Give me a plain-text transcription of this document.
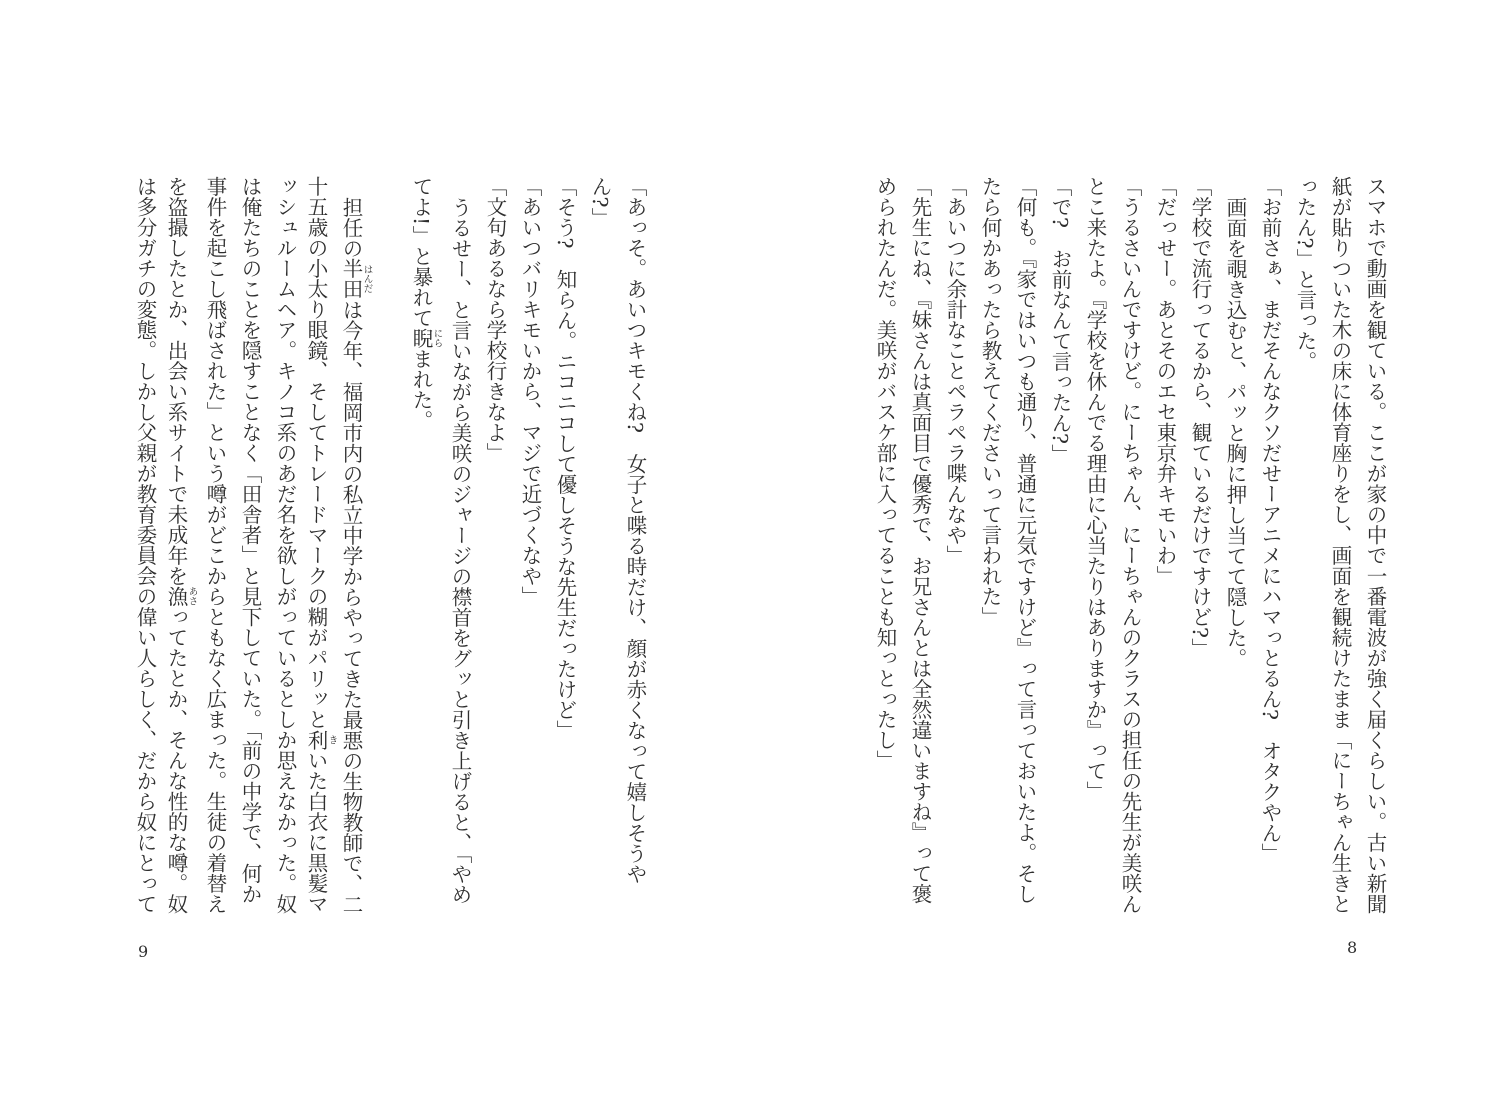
スマホで動画を観ている。ここが家の中で一番電波が強く届くらしい。古い新聞
紙が貼りついた木の床に体育座りをし、画面を観続けたまま「にーちゃん生きと
ったん?」と言った。
「お前さぁ、まだそんなクソだせーアニメにハマっとるん?　オタクやん」
画面を覗き込むと、パッと胸に押し当てて隠した。
「学校で流行ってるから、観ているだけですけど?」
「だっせー。あとそのエセ東京弁キモいわ」
「うるさいんですけど。にーちゃん、にーちゃんのクラスの担任の先生が美咲ん
とこ来たよ。『学校を休んでる理由に心当たりはありますか』って」
「で?　お前なんて言ったん?」
「何も。『家ではいつも通り、普通に元気ですけど』って言っておいたよ。そし
たら何かあったら教えてくださいって言われた」
「あいつに余計なことペラペラ喋んなや」
「先生にね、『妹さんは真面目で優秀で、お兄さんとは全然違いますね』って褒
められたんだ。美咲がバスケ部に入ってることも知っとったし」
8
「あっそ。あいつキモくね?　女子と喋る時だけ、顔が赤くなって嬉しそうや
ん?」
「そう?　知らん。ニコニコして優しそうな先生だったけど」
「あいつバリキモいから、マジで近づくなや」
「文句あるなら学校行きなよ」
うるせー、と言いながら美咲のジャージの襟首をグッと引き上げると、「やめ
てよ!」と暴れて睨にらまれた。
担任の半田はんだは今年、福岡市内の私立中学からやってきた最悪の生物教師で、二
十五歳の小太り眼鏡、そしてトレードマークの糊がパリッと利きいた白衣に黒髪マ
ッシュルームヘア。キノコ系のあだ名を欲しがっているとしか思えなかった。奴
は俺たちのことを隠すことなく「田舎者」と見下していた。「前の中学で、何か
事件を起こし飛ばされた」という噂がどこからともなく広まった。生徒の着替え
を盗撮したとか、出会い系サイトで未成年を漁あさってたとか、そんな性的な噂。奴
は多分ガチの変態。しかし父親が教育委員会の偉い人らしく、だから奴にとって
9
